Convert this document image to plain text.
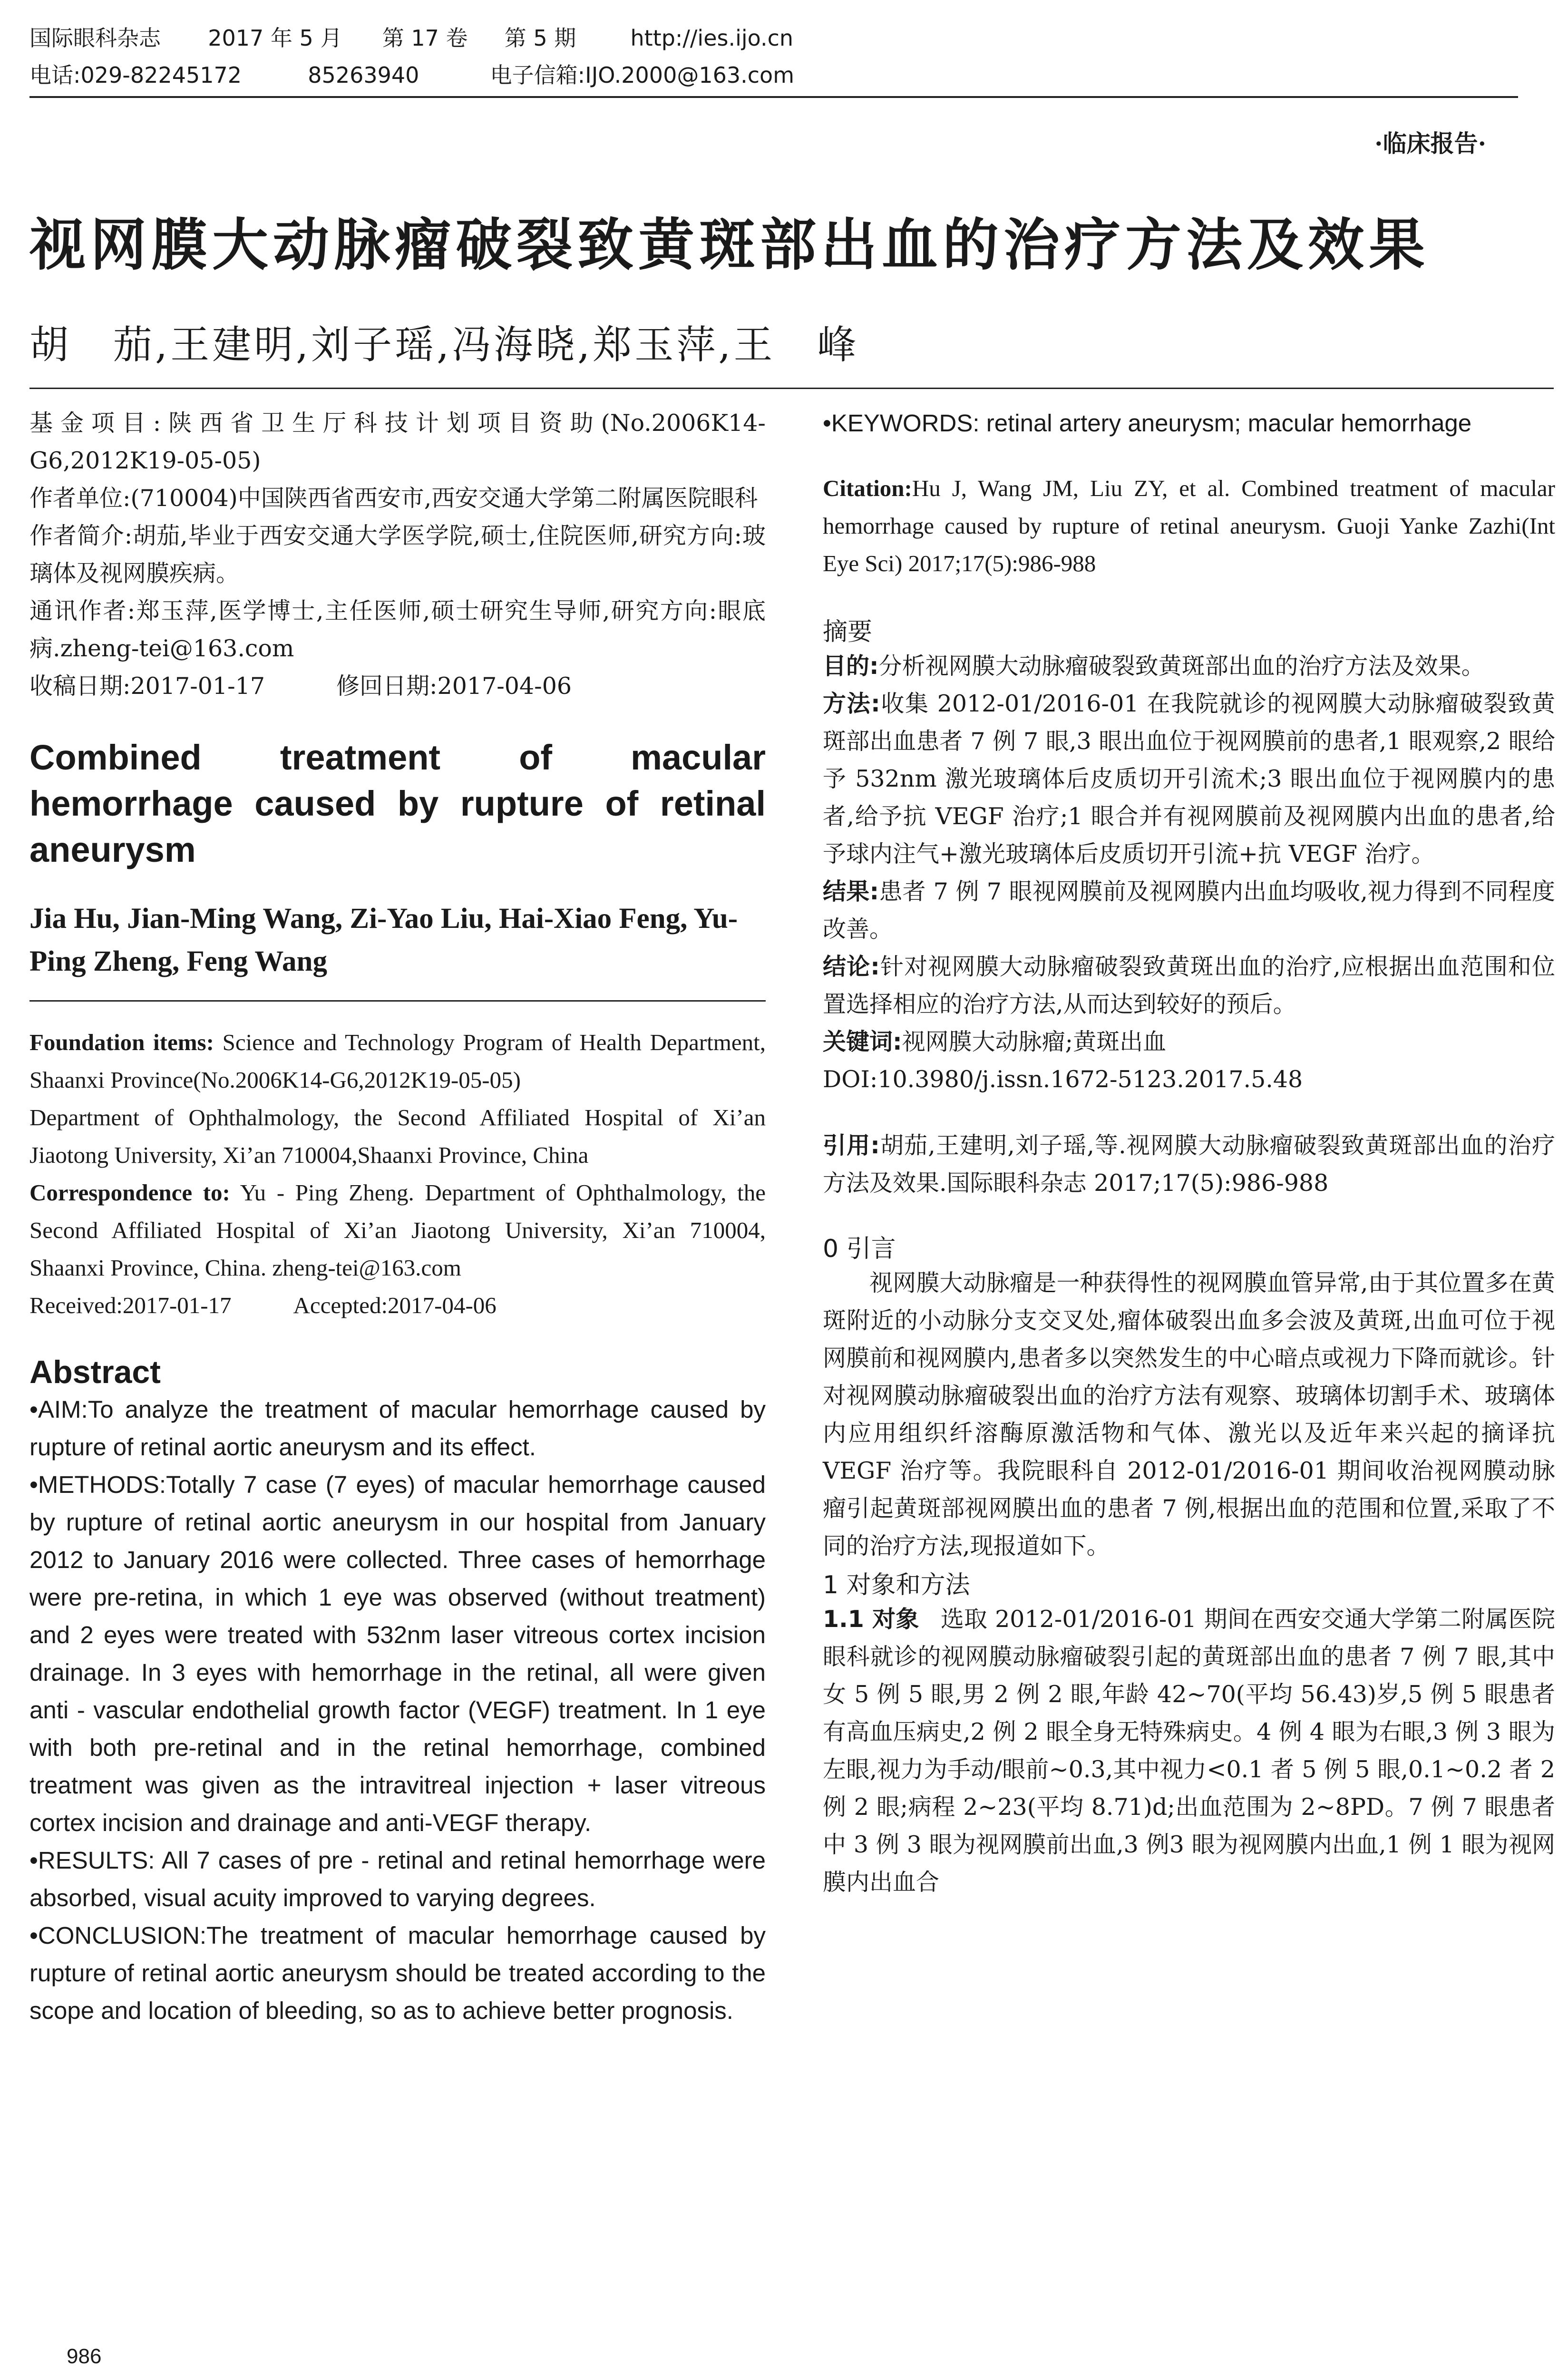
国际眼科杂志 2017 年 5 月 第 17 卷 第 5 期 http://ies.ijo.cn
电话:029-82245172	85263940	电子信箱:IJO.2000@163.com
·临床报告·
视网膜大动脉瘤破裂致黄斑部出血的治疗方法及效果
胡　茄,王建明,刘子瑶,冯海晓,郑玉萍,王　峰

基金项目:陕西省卫生厅科技计划项目资助(No.2006K14-G6,2012K19-05-05)

作者单位:(710004)中国陕西省西安市,西安交通大学第二附属医院眼科

作者简介:胡茄,毕业于西安交通大学医学院,硕士,住院医师,研究方向:玻璃体及视网膜疾病。

通讯作者:郑玉萍,医学博士,主任医师,硕士研究生导师,研究方向:眼底病.zheng-tei@163.com

收稿日期:2017-01-17	修回日期:2017-04-06

Combined treatment of macular hemorrhage caused by rupture of retinal aneurysm

Jia Hu, Jian-Ming Wang, Zi-Yao Liu, Hai-Xiao Feng, Yu-Ping Zheng, Feng Wang

Foundation items: Science and Technology Program of Health Department, Shaanxi Province(No.2006K14-G6,2012K19-05-05)

Department of Ophthalmology, the Second Affiliated Hospital of Xi’an Jiaotong University, Xi’an 710004,Shaanxi Province, China

Correspondence to: Yu - Ping Zheng. Department of Ophthalmology, the Second Affiliated Hospital of Xi’an Jiaotong University, Xi’an 710004, Shaanxi Province, China. zheng-tei@163.com

Received:2017-01-17	Accepted:2017-04-06

Abstract

• AIM:To analyze the treatment of macular hemorrhage caused by rupture of retinal aortic aneurysm and its effect.

• METHODS:Totally 7 case (7 eyes) of macular hemorrhage caused by rupture of retinal aortic aneurysm in our hospital from January 2012 to January 2016 were collected. Three cases of hemorrhage were pre-retina, in which 1 eye was observed (without treatment) and 2 eyes were treated with 532nm laser vitreous cortex incision drainage. In 3 eyes with hemorrhage in the retinal, all were given anti - vascular endothelial growth factor (VEGF) treatment. In 1 eye with both pre-retinal and in the retinal hemorrhage, combined treatment was given as the intravitreal injection + laser vitreous cortex incision and drainage and anti-VEGF therapy.

• RESULTS: All 7 cases of pre - retinal and retinal hemorrhage were absorbed, visual acuity improved to varying degrees.

• CONCLUSION:The treatment of macular hemorrhage caused by rupture of retinal aortic aneurysm should be treated according to the scope and location of bleeding, so as to achieve better prognosis.

• KEYWORDS: retinal artery aneurysm; macular hemorrhage

Citation:Hu J, Wang JM, Liu ZY, et al. Combined treatment of macular hemorrhage caused by rupture of retinal aneurysm. Guoji Yanke Zazhi(Int Eye Sci) 2017;17(5):986-988

摘要

目的:分析视网膜大动脉瘤破裂致黄斑部出血的治疗方法及效果。

方法:收集 2012-01/2016-01 在我院就诊的视网膜大动脉瘤破裂致黄斑部出血患者 7 例 7 眼,3 眼出血位于视网膜前的患者,1 眼观察,2 眼给予 532nm 激光玻璃体后皮质切开引流术;3 眼出血位于视网膜内的患者,给予抗 VEGF 治疗;1 眼合并有视网膜前及视网膜内出血的患者,给予球内注气+激光玻璃体后皮质切开引流+抗 VEGF 治疗。

结果:患者 7 例 7 眼视网膜前及视网膜内出血均吸收,视力得到不同程度改善。

结论:针对视网膜大动脉瘤破裂致黄斑出血的治疗,应根据出血范围和位置选择相应的治疗方法,从而达到较好的预后。

关键词:视网膜大动脉瘤;黄斑出血

DOI:10.3980/j.issn.1672-5123.2017.5.48

引用:胡茄,王建明,刘子瑶,等.视网膜大动脉瘤破裂致黄斑部出血的治疗方法及效果.国际眼科杂志 2017;17(5):986-988

0 引言

视网膜大动脉瘤是一种获得性的视网膜血管异常,由于其位置多在黄斑附近的小动脉分支交叉处,瘤体破裂出血多会波及黄斑,出血可位于视网膜前和视网膜内,患者多以突然发生的中心暗点或视力下降而就诊。针对视网膜动脉瘤破裂出血的治疗方法有观察、玻璃体切割手术、玻璃体内应用组织纤溶酶原激活物和气体、激光以及近年来兴起的摘译抗 VEGF 治疗等。我院眼科自 2012-01/2016-01 期间收治视网膜动脉瘤引起黄斑部视网膜出血的患者 7 例,根据出血的范围和位置,采取了不同的治疗方法,现报道如下。

1 对象和方法

1.1 对象 选取 2012-01/2016-01 期间在西安交通大学第二附属医院眼科就诊的视网膜动脉瘤破裂引起的黄斑部出血的患者 7 例 7 眼,其中女 5 例 5 眼,男 2 例 2 眼,年龄 42~70(平均 56.43)岁,5 例 5 眼患者有高血压病史,2 例 2 眼全身无特殊病史。4 例 4 眼为右眼,3 例 3 眼为左眼,视力为手动/眼前~0.3,其中视力<0.1 者 5 例 5 眼,0.1~0.2 者 2 例 2 眼;病程 2~23(平均 8.71)d;出血范围为 2~8PD。7 例 7 眼患者中 3 例 3 眼为视网膜前出血,3 例3 眼为视网膜内出血,1 例 1 眼为视网膜内出血合

986
